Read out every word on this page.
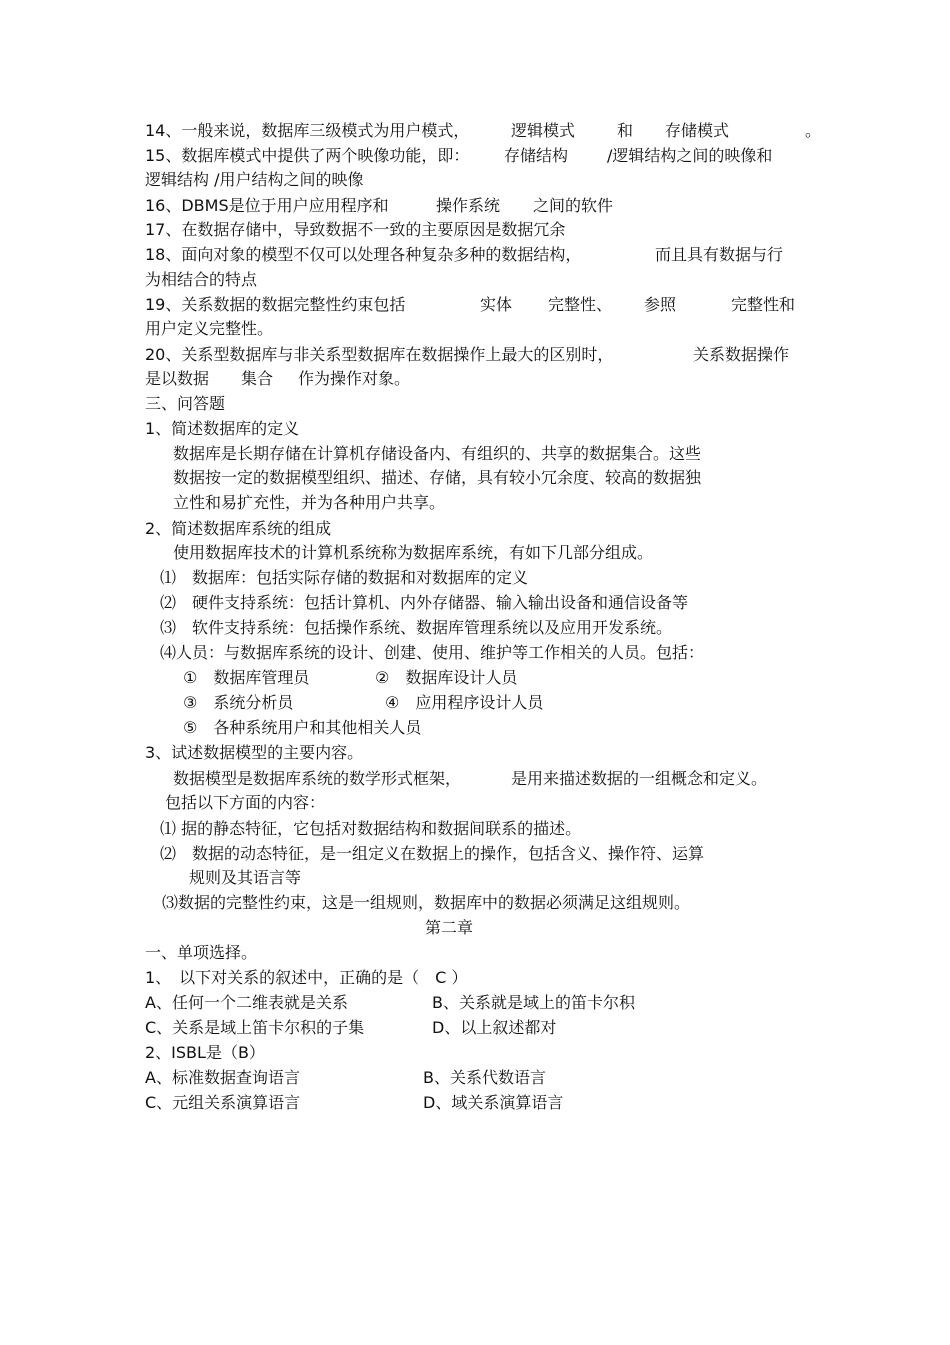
14、一般来说，数据库三级模式为用户模式，	逻辑模式	和 存储模式	。
15、数据库模式中提供了两个映像功能，即： 存储结构 /逻辑结构之间的映像和
逻辑结构 /用户结构之间的映像
16、DBMS是位于用户应用程序和	操作系统 之间的软件
17、在数据存储中，导致数据不一致的主要原因是数据冗余
18、面向对象的模型不仅可以处理各种复杂多种的数据结构，	而且具有数据与行
为相结合的特点
19、关系数据的数据完整性约束包括	实体 完整性、 参照	完整性和
用户定义完整性。
20、关系型数据库与非关系型数据库在数据操作上最大的区别时，	关系数据操作
是以数据 集合 作为操作对象。
三、问答题
1、简述数据库的定义
数据库是长期存储在计算机存储设备内、有组织的、共享的数据集合。这些
数据按一定的数据模型组织、描述、存储，具有较小冗余度、较高的数据独
立性和易扩充性，并为各种用户共享。
2、简述数据库系统的组成
使用数据库技术的计算机系统称为数据库系统，有如下几部分组成。
⑴　数据库：包括实际存储的数据和对数据库的定义
⑵　硬件支持系统：包括计算机、内外存储器、输入输出设备和通信设备等
⑶　软件支持系统：包括操作系统、数据库管理系统以及应用开发系统。
⑷人员：与数据库系统的设计、创建、使用、维护等工作相关的人员。包括：
①　数据库管理员	②　数据库设计人员
③　系统分析员	④　应用程序设计人员
⑤　各种系统用户和其他相关人员
3、试述数据模型的主要内容。
数据模型是数据库系统的数学形式框架，	是用来描述数据的一组概念和定义。
包括以下方面的内容：
⑴ 据的静态特征，它包括对数据结构和数据间联系的描述。
⑵　数据的动态特征，是一组定义在数据上的操作，包括含义、操作符、运算
规则及其语言等
⑶数据的完整性约束，这是一组规则，数据库中的数据必须满足这组规则。
第二章
一、单项选择。
1、　以下对关系的叙述中，正确的是（　C ）
A、任何一个二维表就是关系	B、关系就是域上的笛卡尔积
C、关系是域上笛卡尔积的子集	D、以上叙述都对
2、ISBL是（B）
A、标准数据查询语言	B、关系代数语言
C、元组关系演算语言	D、域关系演算语言
